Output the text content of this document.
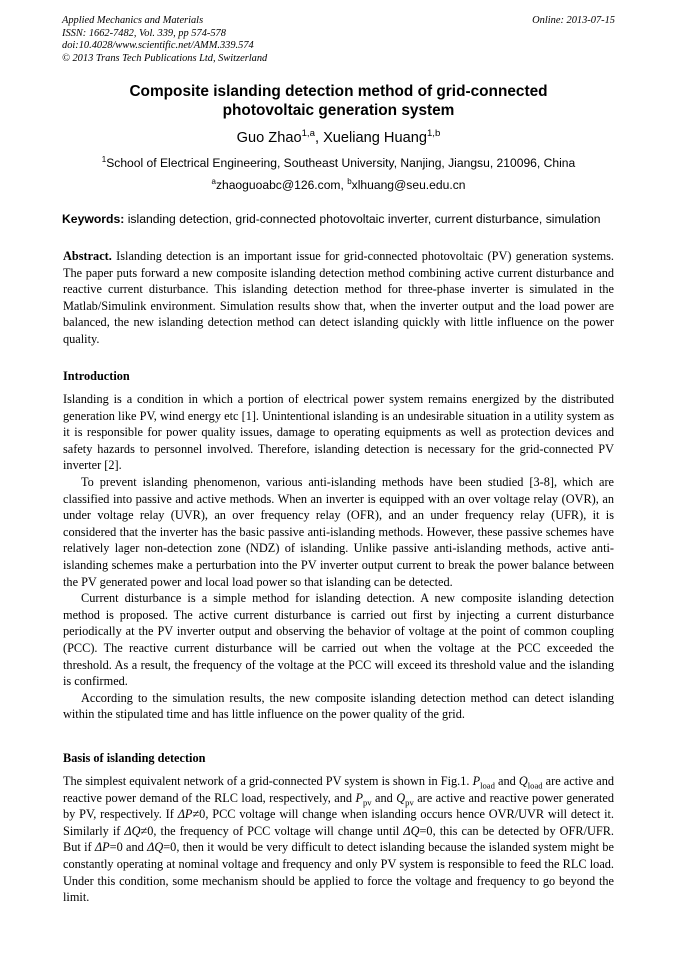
Applied Mechanics and Materials
ISSN: 1662-7482, Vol. 339, pp 574-578
doi:10.4028/www.scientific.net/AMM.339.574
© 2013 Trans Tech Publications Ltd, Switzerland
Online: 2013-07-15
Composite islanding detection method of grid-connected
photovoltaic generation system
Guo Zhao$^{1,a}$, Xueliang Huang$^{1,b}$
$^1$School of Electrical Engineering, Southeast University, Nanjing, Jiangsu, 210096, China
$^a$zhaoguoabc@126.com, $^b$xlhuang@seu.edu.cn
Keywords: islanding detection, grid-connected photovoltaic inverter, current disturbance, simulation

Abstract. Islanding detection is an important issue for grid-connected photovoltaic (PV) generation systems. The paper puts forward a new composite islanding detection method combining active current disturbance and reactive current disturbance. This islanding detection method for three-phase inverter is simulated in the Matlab/Simulink environment. Simulation results show that, when the inverter output and the load power are balanced, the new islanding detection method can detect islanding quickly with little influence on the power quality.

Introduction

Islanding is a condition in which a portion of electrical power system remains energized by the distributed generation like PV, wind energy etc [1]. Unintentional islanding is an undesirable situation in a utility system as it is responsible for power quality issues, damage to operating equipments as well as protection devices and safety hazards to personnel involved. Therefore, islanding detection is necessary for the grid-connected PV inverter [2].

To prevent islanding phenomenon, various anti-islanding methods have been studied [3-8], which are classified into passive and active methods. When an inverter is equipped with an over voltage relay (OVR), an under voltage relay (UVR), an over frequency relay (OFR), and an under frequency relay (UFR), it is considered that the inverter has the basic passive anti-islanding methods. However, these passive schemes have relatively lager non-detection zone (NDZ) of islanding. Unlike passive anti-islanding methods, active anti-islanding schemes make a perturbation into the PV inverter output current to break the power balance between the PV generated power and local load power so that islanding can be detected.

Current disturbance is a simple method for islanding detection. A new composite islanding detection method is proposed. The active current disturbance is carried out first by injecting a current disturbance periodically at the PV inverter output and observing the behavior of voltage at the point of common coupling (PCC). The reactive current disturbance will be carried out when the voltage at the PCC exceeded the threshold. As a result, the frequency of the voltage at the PCC will exceed its threshold value and the islanding is confirmed.

According to the simulation results, the new composite islanding detection method can detect islanding within the stipulated time and has little influence on the power quality of the grid.

Basis of islanding detection

The simplest equivalent network of a grid-connected PV system is shown in Fig.1. $P_{load}$ and $Q_{load}$ are active and reactive power demand of the RLC load, respectively, and $P_{pv}$ and $Q_{pv}$ are active and reactive power generated by PV, respectively. If ΔP≠0, PCC voltage will change when islanding occurs hence OVR/UVR will detect it. Similarly if ΔQ≠0, the frequency of PCC voltage will change until ΔQ=0, this can be detected by OFR/UFR. But if ΔP=0 and ΔQ=0, then it would be very difficult to detect islanding because the islanded system might be constantly operating at nominal voltage and frequency and only PV system is responsible to feed the RLC load. Under this condition, some mechanism should be applied to force the voltage and frequency to go beyond the limit.
